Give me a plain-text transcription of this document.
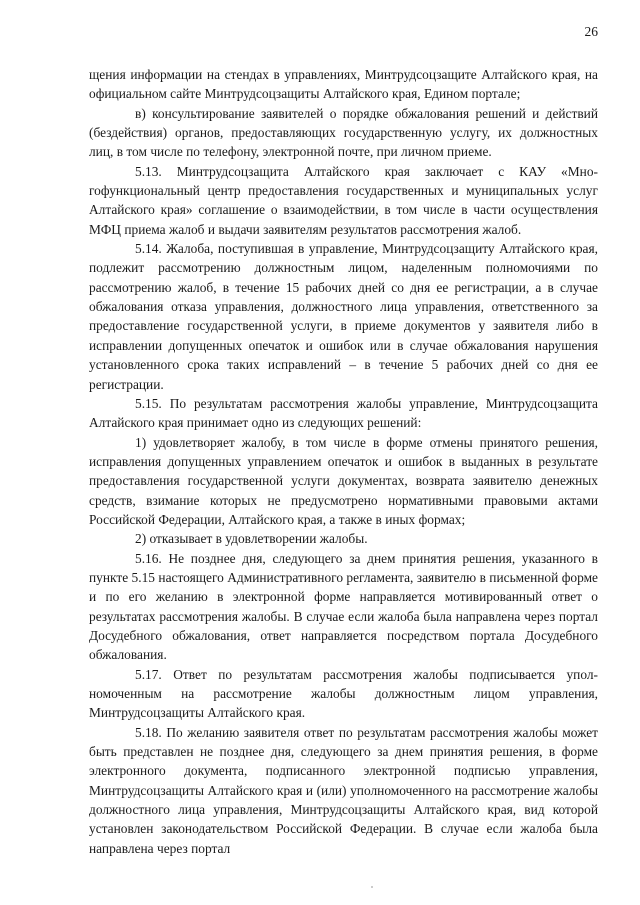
26

щения информации на стендах в управлениях, Минтрудсоцзащите Алтайского края, на официальном сайте Минтрудсоцзащиты Алтайского края, Едином портале;

в) консультирование заявителей о порядке обжалования решений и действий (бездействия) органов, предоставляющих государственную услугу, их должностных лиц, в том числе по телефону, электронной почте, при личном приеме.

5.13. Минтрудсоцзащита Алтайского края заключает с КАУ «Многофункциональный центр предоставления государственных и муниципальных услуг Алтайского края» соглашение о взаимодействии, в том числе в части осуществления МФЦ приема жалоб и выдачи заявителям результатов рассмотрения жалоб.

5.14. Жалоба, поступившая в управление, Минтрудсоцзащиту Алтайского края, подлежит рассмотрению должностным лицом, наделенным полномочиями по рассмотрению жалоб, в течение 15 рабочих дней со дня ее регистрации, а в случае обжалования отказа управления, должностного лица управления, ответственного за предоставление государственной услуги, в приеме документов у заявителя либо в исправлении допущенных опечаток и ошибок или в случае обжалования нарушения установленного срока таких исправлений – в течение 5 рабочих дней со дня ее регистрации.

5.15. По результатам рассмотрения жалобы управление, Минтрудсоцзащита Алтайского края принимает одно из следующих решений:

1) удовлетворяет жалобу, в том числе в форме отмены принятого решения, исправления допущенных управлением опечаток и ошибок в выданных в результате предоставления государственной услуги документах, возврата заявителю денежных средств, взимание которых не предусмотрено нормативными правовыми актами Российской Федерации, Алтайского края, а также в иных формах;

2) отказывает в удовлетворении жалобы.

5.16. Не позднее дня, следующего за днем принятия решения, указанного в пункте 5.15 настоящего Административного регламента, заявителю в письменной форме и по его желанию в электронной форме направляется мотивированный ответ о результатах рассмотрения жалобы. В случае если жалоба была направлена через портал Досудебного обжалования, ответ направляется посредством портала Досудебного обжалования.

5.17. Ответ по результатам рассмотрения жалобы подписывается уполномоченным на рассмотрение жалобы должностным лицом управления, Минтрудсоцзащиты Алтайского края.

5.18. По желанию заявителя ответ по результатам рассмотрения жалобы может быть представлен не позднее дня, следующего за днем принятия решения, в форме электронного документа, подписанного электронной подписью управления, Минтрудсоцзащиты Алтайского края и (или) уполномоченного на рассмотрение жалобы должностного лица управления, Минтрудсоцзащиты Алтайского края, вид которой установлен законодательством Российской Федерации. В случае если жалоба была направлена через портал
